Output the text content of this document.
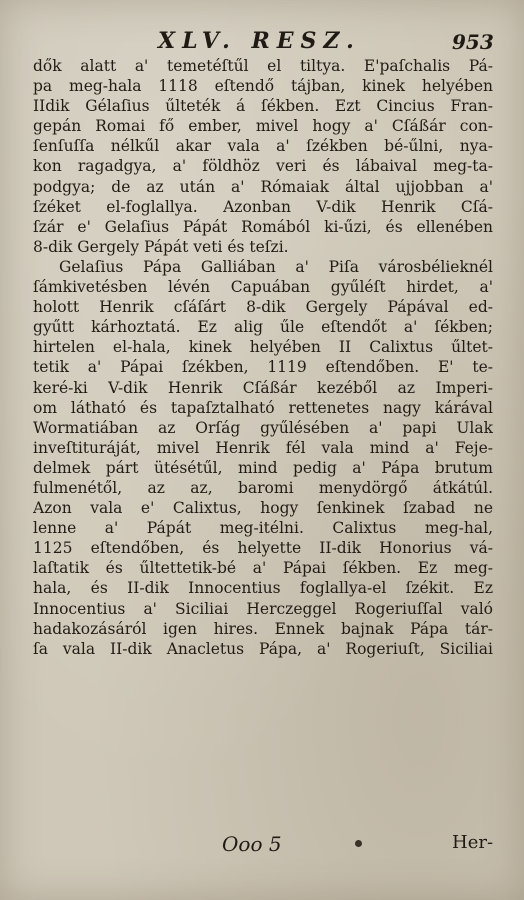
XLV. RESZ.	953
dők alatt a' temetéſtűl el tiltya. E'paſchalis Pá-
pa meg-hala 1118 eſtendő tájban, kinek helyében
IIdik Gélaſius űlteték á ſékben. Ezt Cincius Fran-
gepán Romai fő ember, mivel hogy a' Cſáßár con-
ſenſuſſa nélkűl akar vala a' ſzékben bé-űlni, nya-
kon ragadgya, a' földhöz veri és lábaival meg-ta-
podgya; de az után a' Rómaiak által ujjobban a'
ſzéket el-foglallya. Azonban V-dik Henrik Cſá-
ſzár e' Gelaſius Pápát Romából ki-űzi, és ellenében
8-dik Gergely Pápát veti és teſzi.
Gelaſius Pápa Galliában a' Piſa városbélieknél
ſámkivetésben lévén Capuában gyűléſt hirdet, a'
holott Henrik cſáſárt 8-dik Gergely Pápával ed-
gyűtt kárhoztatá. Ez alig űle eſtendőt a' ſékben;
hirtelen el-hala, kinek helyében II Calixtus űltet-
tetik a' Pápai ſzékben, 1119 eſtendőben. E' te-
keré-ki V-dik Henrik Cſáßár kezéből az Imperi-
om látható és tapaſztalható rettenetes nagy kárával
Wormatiában az Orſág gyűlésében a' papi Ulak
inveſtituráját, mivel Henrik fél vala mind a' Feje-
delmek párt ütésétűl, mind pedig a' Pápa brutum
fulmenétől, az az, baromi menydörgő átkátúl.
Azon vala e' Calixtus, hogy ſenkinek ſzabad ne
lenne a' Pápát meg-itélni. Calixtus meg-hal,
1125 eſtendőben, és helyette II-dik Honorius vá-
laſtatik és űltettetik-bé a' Pápai ſékben. Ez meg-
hala, és II-dik Innocentius foglallya-el ſzékit. Ez
Innocentius a' Siciliai Herczeggel Rogeriuſſal való
hadakozásáról igen hires. Ennek bajnak Pápa tár-
ſa vala II-dik Anacletus Pápa, a' Rogeriuſt, Siciliai
Ooo 5	Her-
